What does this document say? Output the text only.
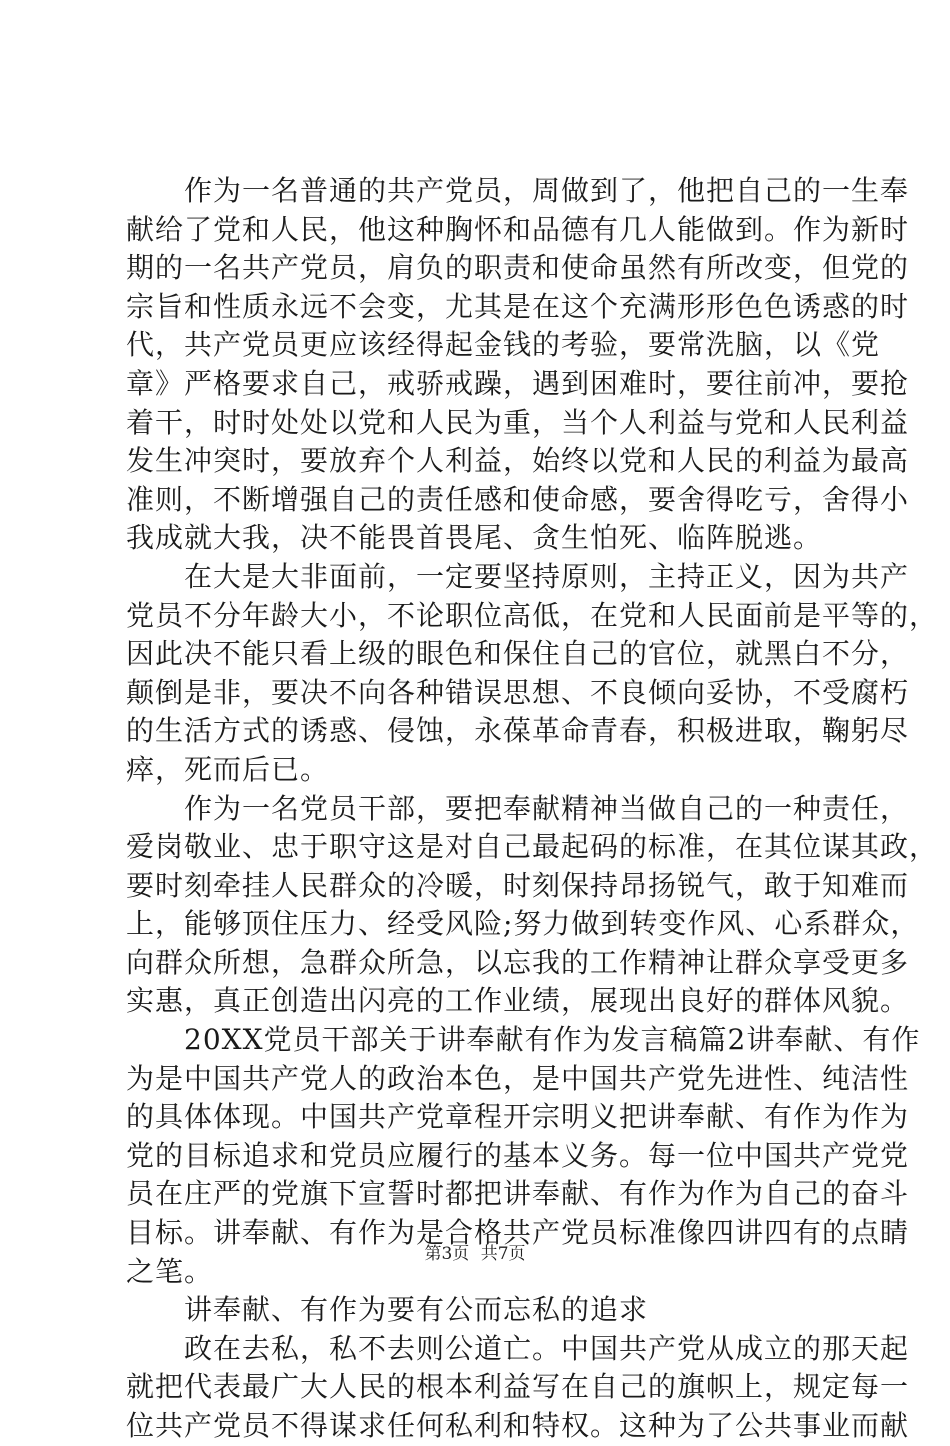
　　作为一名普通的共产党员，周做到了，他把自己的一生奉
献给了党和人民，他这种胸怀和品德有几人能做到。作为新时
期的一名共产党员，肩负的职责和使命虽然有所改变，但党的
宗旨和性质永远不会变，尤其是在这个充满形形色色诱惑的时
代，共产党员更应该经得起金钱的考验，要常洗脑，以《党
章》严格要求自己，戒骄戒躁，遇到困难时，要往前冲，要抢
着干，时时处处以党和人民为重，当个人利益与党和人民利益
发生冲突时，要放弃个人利益，始终以党和人民的利益为最高
准则，不断增强自己的责任感和使命感，要舍得吃亏，舍得小
我成就大我，决不能畏首畏尾、贪生怕死、临阵脱逃。
　　在大是大非面前，一定要坚持原则，主持正义，因为共产
党员不分年龄大小，不论职位高低，在党和人民面前是平等的，
因此决不能只看上级的眼色和保住自己的官位，就黑白不分，
颠倒是非，要决不向各种错误思想、不良倾向妥协，不受腐朽
的生活方式的诱惑、侵蚀，永葆革命青春，积极进取，鞠躬尽
瘁，死而后已。
　　作为一名党员干部，要把奉献精神当做自己的一种责任，
爱岗敬业、忠于职守这是对自己最起码的标准，在其位谋其政，
要时刻牵挂人民群众的冷暖，时刻保持昂扬锐气，敢于知难而
上，能够顶住压力、经受风险;努力做到转变作风、心系群众，
向群众所想，急群众所急，以忘我的工作精神让群众享受更多
实惠，真正创造出闪亮的工作业绩，展现出良好的群体风貌。
　　20XX党员干部关于讲奉献有作为发言稿篇2讲奉献、有作
为是中国共产党人的政治本色，是中国共产党先进性、纯洁性
的具体体现。中国共产党章程开宗明义把讲奉献、有作为作为
党的目标追求和党员应履行的基本义务。每一位中国共产党党
员在庄严的党旗下宣誓时都把讲奉献、有作为作为自己的奋斗
目标。讲奉献、有作为是合格共产党员标准像四讲四有的点睛
之笔。
　　讲奉献、有作为要有公而忘私的追求
　　政在去私，私不去则公道亡。中国共产党从成立的那天起
就把代表最广大人民的根本利益写在自己的旗帜上，规定每一
位共产党员不得谋求任何私利和特权。这种为了公共事业而献
第3页 共7页
